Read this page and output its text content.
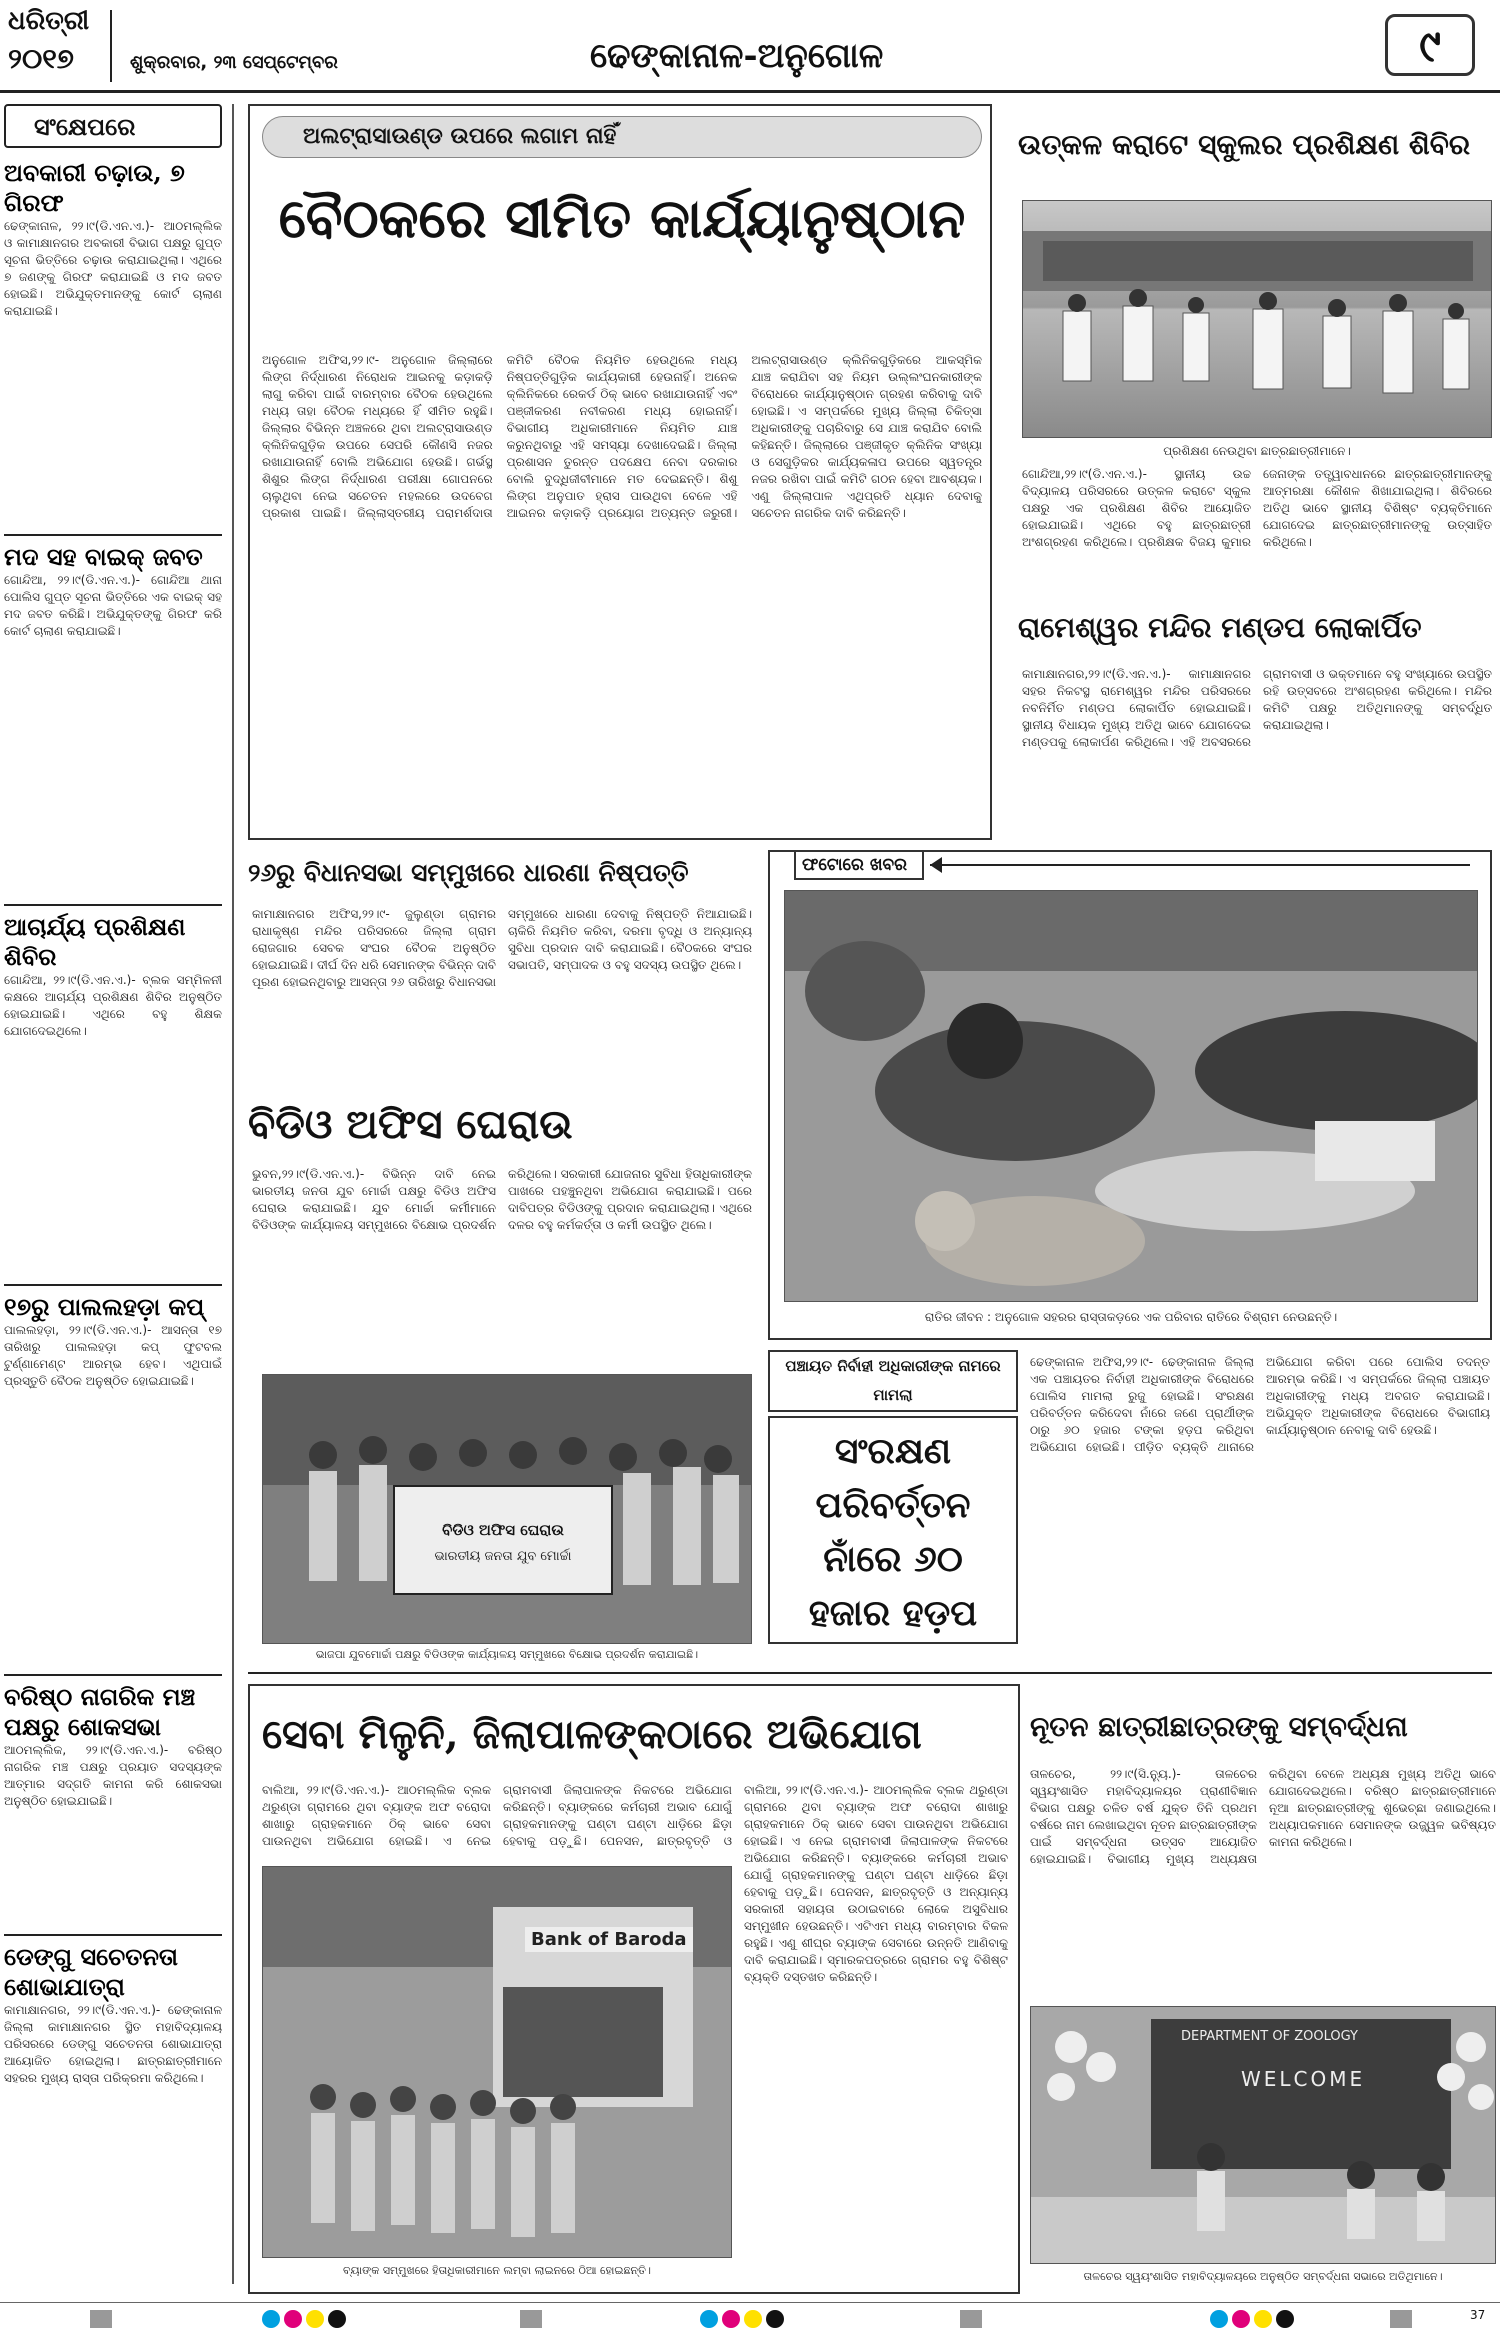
ଧରିତ୍ରୀ
୨୦୧୭	ଶୁକ୍ରବାର, ୨୩ ସେପ୍ଟେମ୍ବର	ଢେଙ୍କାନାଳ-ଅନୁଗୋଳ	୯
ସଂକ୍ଷେପରେ
ଅବକାରୀ ଚଢ଼ାଉ, ୭ ଗିରଫ
ଢେଙ୍କାନାଳ, ୨୨।୯(ଡି.ଏନ.ଏ.)- ଆଠମଲ୍ଲିକ ଓ କାମାକ୍ଷାନଗର ଅବକାରୀ ବିଭାଗ ପକ୍ଷରୁ ଗୁପ୍ତ ସୂଚନା ଭିତ୍ତିରେ ଚଢ଼ାଉ କରାଯାଇଥିଲା। ଏଥିରେ ୭ ଜଣଙ୍କୁ ଗିରଫ କରାଯାଇଛି ଓ ମଦ ଜବତ ହୋଇଛି। ଅଭିଯୁକ୍ତମାନଙ୍କୁ କୋର୍ଟ ଚାଲାଣ କରାଯାଇଛି।
ମଦ ସହ ବାଇକ୍ ଜବତ
ଗୋନ୍ଦିଆ, ୨୨।୯(ଡି.ଏନ.ଏ.)- ଗୋନ୍ଦିଆ ଥାନା ପୋଲିସ ଗୁପ୍ତ ସୂଚନା ଭିତ୍ତିରେ ଏକ ବାଇକ୍ ସହ ମଦ ଜବତ କରିଛି। ଅଭିଯୁକ୍ତଙ୍କୁ ଗିରଫ କରି କୋର୍ଟ ଚାଲାଣ କରାଯାଇଛି।
ଆଚାର୍ଯ୍ୟ ପ୍ରଶିକ୍ଷଣ ଶିବିର
ଗୋନ୍ଦିଆ, ୨୨।୯(ଡି.ଏନ.ଏ.)- ବ୍ଲକ ସମ୍ମିଳନୀ କକ୍ଷରେ ଆଚାର୍ଯ୍ୟ ପ୍ରଶିକ୍ଷଣ ଶିବିର ଅନୁଷ୍ଠିତ ହୋଇଯାଇଛି। ଏଥିରେ ବହୁ ଶିକ୍ଷକ ଯୋଗଦେଇଥିଲେ।
୧୭ରୁ ପାଲଲହଡ଼ା କପ୍
ପାଲଲହଡ଼ା, ୨୨।୯(ଡି.ଏନ.ଏ.)- ଆସନ୍ତା ୧୭ ତାରିଖରୁ ପାଲଲହଡ଼ା କପ୍ ଫୁଟବଲ ଟୁର୍ଣ୍ଣାମେଣ୍ଟ ଆରମ୍ଭ ହେବ। ଏଥିପାଇଁ ପ୍ରସ୍ତୁତି ବୈଠକ ଅନୁଷ୍ଠିତ ହୋଇଯାଇଛି।
ବରିଷ୍ଠ ନାଗରିକ ମଞ୍ଚ ପକ୍ଷରୁ ଶୋକସଭା
ଆଠମଲ୍ଲିକ, ୨୨।୯(ଡି.ଏନ.ଏ.)- ବରିଷ୍ଠ ନାଗରିକ ମଞ୍ଚ ପକ୍ଷରୁ ପ୍ରୟାତ ସଦସ୍ୟଙ୍କ ଆତ୍ମାର ସଦ୍ଗତି କାମନା କରି ଶୋକସଭା ଅନୁଷ୍ଠିତ ହୋଇଯାଇଛି।
ଡେଙ୍ଗୁ ସଚେତନତା ଶୋଭାଯାତ୍ରା
କାମାକ୍ଷାନଗର, ୨୨।୯(ଡି.ଏନ.ଏ.)- ଢେଙ୍କାନାଳ ଜିଲ୍ଲା କାମାକ୍ଷାନଗର ସ୍ଥିତ ମହାବିଦ୍ୟାଳୟ ପରିସରରେ ଡେଙ୍ଗୁ ସଚେତନତା ଶୋଭାଯାତ୍ରା ଆୟୋଜିତ ହୋଇଥିଲା। ଛାତ୍ରଛାତ୍ରୀମାନେ ସହରର ମୁଖ୍ୟ ରାସ୍ତା ପରିକ୍ରମା କରିଥିଲେ।
ଅଲଟ୍ରାସାଉଣ୍ଡ ଉପରେ ଲଗାମ ନାହିଁ
ବୈଠକରେ ସୀମିତ କାର୍ଯ୍ୟାନୁଷ୍ଠାନ
ଅନୁଗୋଳ ଅଫିସ,୨୨।୯- ଅନୁଗୋଳ ଜିଲ୍ଲାରେ ଲିଙ୍ଗ ନିର୍ଦ୍ଧାରଣ ନିରୋଧକ ଆଇନକୁ କଡ଼ାକଡ଼ି ଲାଗୁ କରିବା ପାଇଁ ବାରମ୍ବାର ବୈଠକ ହେଉଥିଲେ ମଧ୍ୟ ତାହା ବୈଠକ ମଧ୍ୟରେ ହିଁ ସୀମିତ ରହୁଛି। ଜିଲ୍ଲାର ବିଭିନ୍ନ ଅଞ୍ଚଳରେ ଥିବା ଅଲଟ୍ରାସାଉଣ୍ଡ କ୍ଲିନିକଗୁଡ଼ିକ ଉପରେ ସେପରି କୌଣସି ନଜର ରଖାଯାଉନାହିଁ ବୋଲି ଅଭିଯୋଗ ହେଉଛି। ଗର୍ଭସ୍ଥ ଶିଶୁର ଲିଙ୍ଗ ନିର୍ଦ୍ଧାରଣ ପରୀକ୍ଷା ଗୋପନରେ ଚାଲୁଥିବା ନେଇ ସଚେତନ ମହଲରେ ଉଦବେଗ ପ୍ରକାଶ ପାଇଛି। ଜିଲ୍ଲାସ୍ତରୀୟ ପରାମର୍ଶଦାତା କମିଟି ବୈଠକ ନିୟମିତ ହେଉଥିଲେ ମଧ୍ୟ ନିଷ୍ପତ୍ତିଗୁଡ଼ିକ କାର୍ଯ୍ୟକାରୀ ହେଉନାହିଁ। ଅନେକ କ୍ଲିନିକରେ ରେକର୍ଡ ଠିକ୍ ଭାବେ ରଖାଯାଉନାହିଁ ଏବଂ ପଞ୍ଜୀକରଣ ନବୀକରଣ ମଧ୍ୟ ହୋଇନାହିଁ। ବିଭାଗୀୟ ଅଧିକାରୀମାନେ ନିୟମିତ ଯାଞ୍ଚ କରୁନଥିବାରୁ ଏହି ସମସ୍ୟା ଦେଖାଦେଇଛି। ଜିଲ୍ଲା ପ୍ରଶାସନ ତୁରନ୍ତ ପଦକ୍ଷେପ ନେବା ଦରକାର ବୋଲି ବୁଦ୍ଧିଜୀବୀମାନେ ମତ ଦେଇଛନ୍ତି। ଶିଶୁ ଲିଙ୍ଗ ଅନୁପାତ ହ୍ରାସ ପାଉଥିବା ବେଳେ ଏହି ଆଇନର କଡ଼ାକଡ଼ି ପ୍ରୟୋଗ ଅତ୍ୟନ୍ତ ଜରୁରୀ। ଅଲଟ୍ରାସାଉଣ୍ଡ କ୍ଲିନିକଗୁଡ଼ିକରେ ଆକସ୍ମିକ ଯାଞ୍ଚ କରାଯିବା ସହ ନିୟମ ଉଲ୍ଲଂଘନକାରୀଙ୍କ ବିରୋଧରେ କାର୍ଯ୍ୟାନୁଷ୍ଠାନ ଗ୍ରହଣ କରିବାକୁ ଦାବି ହୋଇଛି। ଏ ସମ୍ପର୍କରେ ମୁଖ୍ୟ ଜିଲ୍ଲା ଚିକିତ୍ସା ଅଧିକାରୀଙ୍କୁ ପଚାରିବାରୁ ସେ ଯାଞ୍ଚ କରାଯିବ ବୋଲି କହିଛନ୍ତି। ଜିଲ୍ଲାରେ ପଞ୍ଜୀକୃତ କ୍ଲିନିକ ସଂଖ୍ୟା ଓ ସେଗୁଡ଼ିକର କାର୍ଯ୍ୟକଳାପ ଉପରେ ସ୍ୱତନ୍ତ୍ର ନଜର ରଖିବା ପାଇଁ କମିଟି ଗଠନ ହେବା ଆବଶ୍ୟକ। ଏଣୁ ଜିଲ୍ଲାପାଳ ଏଥିପ୍ରତି ଧ୍ୟାନ ଦେବାକୁ ସଚେତନ ନାଗରିକ ଦାବି କରିଛନ୍ତି।
ଉତ୍କଳ କରାଟେ ସ୍କୁଲର ପ୍ରଶିକ୍ଷଣ ଶିବିର
ପ୍ରଶିକ୍ଷଣ ନେଉଥିବା ଛାତ୍ରଛାତ୍ରୀମାନେ।
ଗୋନ୍ଦିଆ,୨୨।୯(ଡି.ଏନ.ଏ.)- ସ୍ଥାନୀୟ ଉଚ୍ଚ ବିଦ୍ୟାଳୟ ପରିସରରେ ଉତ୍କଳ କରାଟେ ସ୍କୁଲ ପକ୍ଷରୁ ଏକ ପ୍ରଶିକ୍ଷଣ ଶିବିର ଆୟୋଜିତ ହୋଇଯାଇଛି। ଏଥିରେ ବହୁ ଛାତ୍ରଛାତ୍ରୀ ଅଂଶଗ୍ରହଣ କରିଥିଲେ। ପ୍ରଶିକ୍ଷକ ବିଜୟ କୁମାର ଜେନାଙ୍କ ତତ୍ତ୍ୱାବଧାନରେ ଛାତ୍ରଛାତ୍ରୀମାନଙ୍କୁ ଆତ୍ମରକ୍ଷା କୌଶଳ ଶିଖାଯାଇଥିଲା। ଶିବିରରେ ଅତିଥି ଭାବେ ସ୍ଥାନୀୟ ବିଶିଷ୍ଟ ବ୍ୟକ୍ତିମାନେ ଯୋଗଦେଇ ଛାତ୍ରଛାତ୍ରୀମାନଙ୍କୁ ଉତ୍ସାହିତ କରିଥିଲେ।
ରାମେଶ୍ୱର ମନ୍ଦିର ମଣ୍ଡପ ଲୋକାର୍ପିତ
କାମାକ୍ଷାନଗର,୨୨।୯(ଡି.ଏନ.ଏ.)- କାମାକ୍ଷାନଗର ସହର ନିକଟସ୍ଥ ରାମେଶ୍ୱର ମନ୍ଦିର ପରିସରରେ ନବନିର୍ମିତ ମଣ୍ଡପ ଲୋକାର୍ପିତ ହୋଇଯାଇଛି। ସ୍ଥାନୀୟ ବିଧାୟକ ମୁଖ୍ୟ ଅତିଥି ଭାବେ ଯୋଗଦେଇ ମଣ୍ଡପକୁ ଲୋକାର୍ପଣ କରିଥିଲେ। ଏହି ଅବସରରେ ଗ୍ରାମବାସୀ ଓ ଭକ୍ତମାନେ ବହୁ ସଂଖ୍ୟାରେ ଉପସ୍ଥିତ ରହି ଉତ୍ସବରେ ଅଂଶଗ୍ରହଣ କରିଥିଲେ। ମନ୍ଦିର କମିଟି ପକ୍ଷରୁ ଅତିଥିମାନଙ୍କୁ ସମ୍ବର୍ଦ୍ଧିତ କରାଯାଇଥିଲା।
୨୬ରୁ ବିଧାନସଭା ସମ୍ମୁଖରେ ଧାରଣା ନିଷ୍ପତ୍ତି
କାମାକ୍ଷାନଗର ଅଫିସ,୨୨।୯- ଜୁଲୁଣ୍ଡା ଗ୍ରାମର ରାଧାକୃଷ୍ଣ ମନ୍ଦିର ପରିସରରେ ଜିଲ୍ଲା ଗ୍ରାମ ରୋଜଗାର ସେବକ ସଂଘର ବୈଠକ ଅନୁଷ୍ଠିତ ହୋଇଯାଇଛି। ଦୀର୍ଘ ଦିନ ଧରି ସେମାନଙ୍କ ବିଭିନ୍ନ ଦାବି ପୂରଣ ହୋଇନଥିବାରୁ ଆସନ୍ତା ୨୬ ତାରିଖରୁ ବିଧାନସଭା ସମ୍ମୁଖରେ ଧାରଣା ଦେବାକୁ ନିଷ୍ପତ୍ତି ନିଆଯାଇଛି। ଚାକିରି ନିୟମିତ କରିବା, ଦରମା ବୃଦ୍ଧି ଓ ଅନ୍ୟାନ୍ୟ ସୁବିଧା ପ୍ରଦାନ ଦାବି କରାଯାଇଛି। ବୈଠକରେ ସଂଘର ସଭାପତି, ସମ୍ପାଦକ ଓ ବହୁ ସଦସ୍ୟ ଉପସ୍ଥିତ ଥିଲେ।
ବିଡିଓ ଅଫିସ ଘେରାଉ
ଭୁବନ,୨୨।୯(ଡି.ଏନ.ଏ.)- ବିଭିନ୍ନ ଦାବି ନେଇ ଭାରତୀୟ ଜନତା ଯୁବ ମୋର୍ଚ୍ଚା ପକ୍ଷରୁ ବିଡିଓ ଅଫିସ ଘେରାଉ କରାଯାଇଛି। ଯୁବ ମୋର୍ଚ୍ଚା କର୍ମୀମାନେ ବିଡିଓଙ୍କ କାର୍ଯ୍ୟାଳୟ ସମ୍ମୁଖରେ ବିକ୍ଷୋଭ ପ୍ରଦର୍ଶନ କରିଥିଲେ। ସରକାରୀ ଯୋଜନାର ସୁବିଧା ହିତାଧିକାରୀଙ୍କ ପାଖରେ ପହଞ୍ଚୁନଥିବା ଅଭିଯୋଗ କରାଯାଇଛି। ପରେ ଦାବିପତ୍ର ବିଡିଓଙ୍କୁ ପ୍ରଦାନ କରାଯାଇଥିଲା। ଏଥିରେ ଦଳର ବହୁ କର୍ମକର୍ତ୍ତା ଓ କର୍ମୀ ଉପସ୍ଥିତ ଥିଲେ।
ଫଟୋରେ ଖବର
ରାତିର ଜୀବନ : ଅନୁଗୋଳ ସହରର ରାସ୍ତାକଡ଼ରେ ଏକ ପରିବାର ରାତିରେ ବିଶ୍ରାମ ନେଉଛନ୍ତି।
ବିଡିଓ ଅଫିସ ଘେରାଉ
ଭାରତୀୟ ଜନତା ଯୁବ ମୋର୍ଚ୍ଚା
ଭାଜପା ଯୁବମୋର୍ଚ୍ଚା ପକ୍ଷରୁ ବିଡିଓଙ୍କ କାର୍ଯ୍ୟାଳୟ ସମ୍ମୁଖରେ ବିକ୍ଷୋଭ ପ୍ରଦର୍ଶନ କରାଯାଇଛି।
ପଞ୍ଚାୟତ ନିର୍ବାହୀ ଅଧିକାରୀଙ୍କ ନାମରେ ମାମଲା
ସଂରକ୍ଷଣ ପରିବର୍ତ୍ତନ ନାଁରେ ୬୦ ହଜାର ହଡ଼ପ
ଢେଙ୍କାନାଳ ଅଫିସ,୨୨।୯- ଢେଙ୍କାନାଳ ଜିଲ୍ଲା ଏକ ପଞ୍ଚାୟତର ନିର୍ବାହୀ ଅଧିକାରୀଙ୍କ ବିରୋଧରେ ପୋଲିସ ମାମଲା ରୁଜୁ ହୋଇଛି। ସଂରକ୍ଷଣ ପରିବର୍ତ୍ତନ କରିଦେବା ନାଁରେ ଜଣେ ପ୍ରାର୍ଥୀଙ୍କ ଠାରୁ ୬୦ ହଜାର ଟଙ୍କା ହଡ଼ପ କରିଥିବା ଅଭିଯୋଗ ହୋଇଛି। ପୀଡ଼ିତ ବ୍ୟକ୍ତି ଥାନାରେ ଅଭିଯୋଗ କରିବା ପରେ ପୋଲିସ ତଦନ୍ତ ଆରମ୍ଭ କରିଛି। ଏ ସମ୍ପର୍କରେ ଜିଲ୍ଲା ପଞ୍ଚାୟତ ଅଧିକାରୀଙ୍କୁ ମଧ୍ୟ ଅବଗତ କରାଯାଇଛି। ଅଭିଯୁକ୍ତ ଅଧିକାରୀଙ୍କ ବିରୋଧରେ ବିଭାଗୀୟ କାର୍ଯ୍ୟାନୁଷ୍ଠାନ ନେବାକୁ ଦାବି ହେଉଛି।
ସେବା ମିଳୁନି, ଜିଲାପାଳଙ୍କଠାରେ ଅଭିଯୋଗ
ବାଲିଆ, ୨୨।୯(ଡି.ଏନ.ଏ.)- ଆଠମଲ୍ଲିକ ବ୍ଲକ ଥରୁଣ୍ଡା ଗ୍ରାମରେ ଥିବା ବ୍ୟାଙ୍କ ଅଫ ବରୋଦା ଶାଖାରୁ ଗ୍ରାହକମାନେ ଠିକ୍ ଭାବେ ସେବା ପାଉନଥିବା ଅଭିଯୋଗ ହୋଇଛି। ଏ ନେଇ ଗ୍ରାମବାସୀ ଜିଲାପାଳଙ୍କ ନିକଟରେ ଅଭିଯୋଗ କରିଛନ୍ତି। ବ୍ୟାଙ୍କରେ କର୍ମଚାରୀ ଅଭାବ ଯୋଗୁଁ ଗ୍ରାହକମାନଙ୍କୁ ଘଣ୍ଟା ଘଣ୍ଟା ଧାଡ଼ିରେ ଛିଡ଼ା ହେବାକୁ ପଡ଼ୁଛି। ପେନସନ, ଛାତ୍ରବୃତ୍ତି ଓ
Bank of Baroda
ବ୍ୟାଙ୍କ ସମ୍ମୁଖରେ ହିତାଧିକାରୀମାନେ ଲମ୍ବା ଲାଇନରେ ଠିଆ ହୋଇଛନ୍ତି।
ବାଲିଆ, ୨୨।୯(ଡି.ଏନ.ଏ.)- ଆଠମଲ୍ଲିକ ବ୍ଲକ ଥରୁଣ୍ଡା ଗ୍ରାମରେ ଥିବା ବ୍ୟାଙ୍କ ଅଫ ବରୋଦା ଶାଖାରୁ ଗ୍ରାହକମାନେ ଠିକ୍ ଭାବେ ସେବା ପାଉନଥିବା ଅଭିଯୋଗ ହୋଇଛି। ଏ ନେଇ ଗ୍ରାମବାସୀ ଜିଲାପାଳଙ୍କ ନିକଟରେ ଅଭିଯୋଗ କରିଛନ୍ତି। ବ୍ୟାଙ୍କରେ କର୍ମଚାରୀ ଅଭାବ ଯୋଗୁଁ ଗ୍ରାହକମାନଙ୍କୁ ଘଣ୍ଟା ଘଣ୍ଟା ଧାଡ଼ିରେ ଛିଡ଼ା ହେବାକୁ ପଡ଼ୁଛି। ପେନସନ, ଛାତ୍ରବୃତ୍ତି ଓ ଅନ୍ୟାନ୍ୟ ସରକାରୀ ସହାୟତା ଉଠାଇବାରେ ଲୋକେ ଅସୁବିଧାର ସମ୍ମୁଖୀନ ହେଉଛନ୍ତି। ଏଟିଏମ ମଧ୍ୟ ବାରମ୍ବାର ବିକଳ ରହୁଛି। ଏଣୁ ଶୀଘ୍ର ବ୍ୟାଙ୍କ ସେବାରେ ଉନ୍ନତି ଆଣିବାକୁ ଦାବି କରାଯାଇଛି। ସ୍ମାରକପତ୍ରରେ ଗ୍ରାମର ବହୁ ବିଶିଷ୍ଟ ବ୍ୟକ୍ତି ଦସ୍ତଖତ କରିଛନ୍ତି।
ନୂତନ ଛାତ୍ରୀଛାତ୍ରଙ୍କୁ ସମ୍ବର୍ଦ୍ଧନା
ତାଳଚେର, ୨୨।୯(ସି.ନ୍ୟୁ.)- ତାଳଚେର ସ୍ୱୟଂଶାସିତ ମହାବିଦ୍ୟାଳୟର ପ୍ରାଣୀବିଜ୍ଞାନ ବିଭାଗ ପକ୍ଷରୁ ଚଳିତ ବର୍ଷ ଯୁକ୍ତ ତିନି ପ୍ରଥମ ବର୍ଷରେ ନାମ ଲେଖାଇଥିବା ନୂତନ ଛାତ୍ରଛାତ୍ରୀଙ୍କ ପାଇଁ ସମ୍ବର୍ଦ୍ଧନା ଉତ୍ସବ ଆୟୋଜିତ ହୋଇଯାଇଛି। ବିଭାଗୀୟ ମୁଖ୍ୟ ଅଧ୍ୟକ୍ଷତା କରିଥିବା ବେଳେ ଅଧ୍ୟକ୍ଷ ମୁଖ୍ୟ ଅତିଥି ଭାବେ ଯୋଗଦେଇଥିଲେ। ବରିଷ୍ଠ ଛାତ୍ରଛାତ୍ରୀମାନେ ନୂଆ ଛାତ୍ରଛାତ୍ରୀଙ୍କୁ ଶୁଭେଚ୍ଛା ଜଣାଇଥିଲେ। ଅଧ୍ୟାପକମାନେ ସେମାନଙ୍କ ଉଜ୍ଜ୍ୱଳ ଭବିଷ୍ୟତ କାମନା କରିଥିଲେ।
DEPARTMENT OF ZOOLOGY
WELCOME
ତାଳଚେର ସ୍ୱୟଂଶାସିତ ମହାବିଦ୍ୟାଳୟରେ ଅନୁଷ୍ଠିତ ସମ୍ବର୍ଦ୍ଧନା ସଭାରେ ଅତିଥିମାନେ।
37
